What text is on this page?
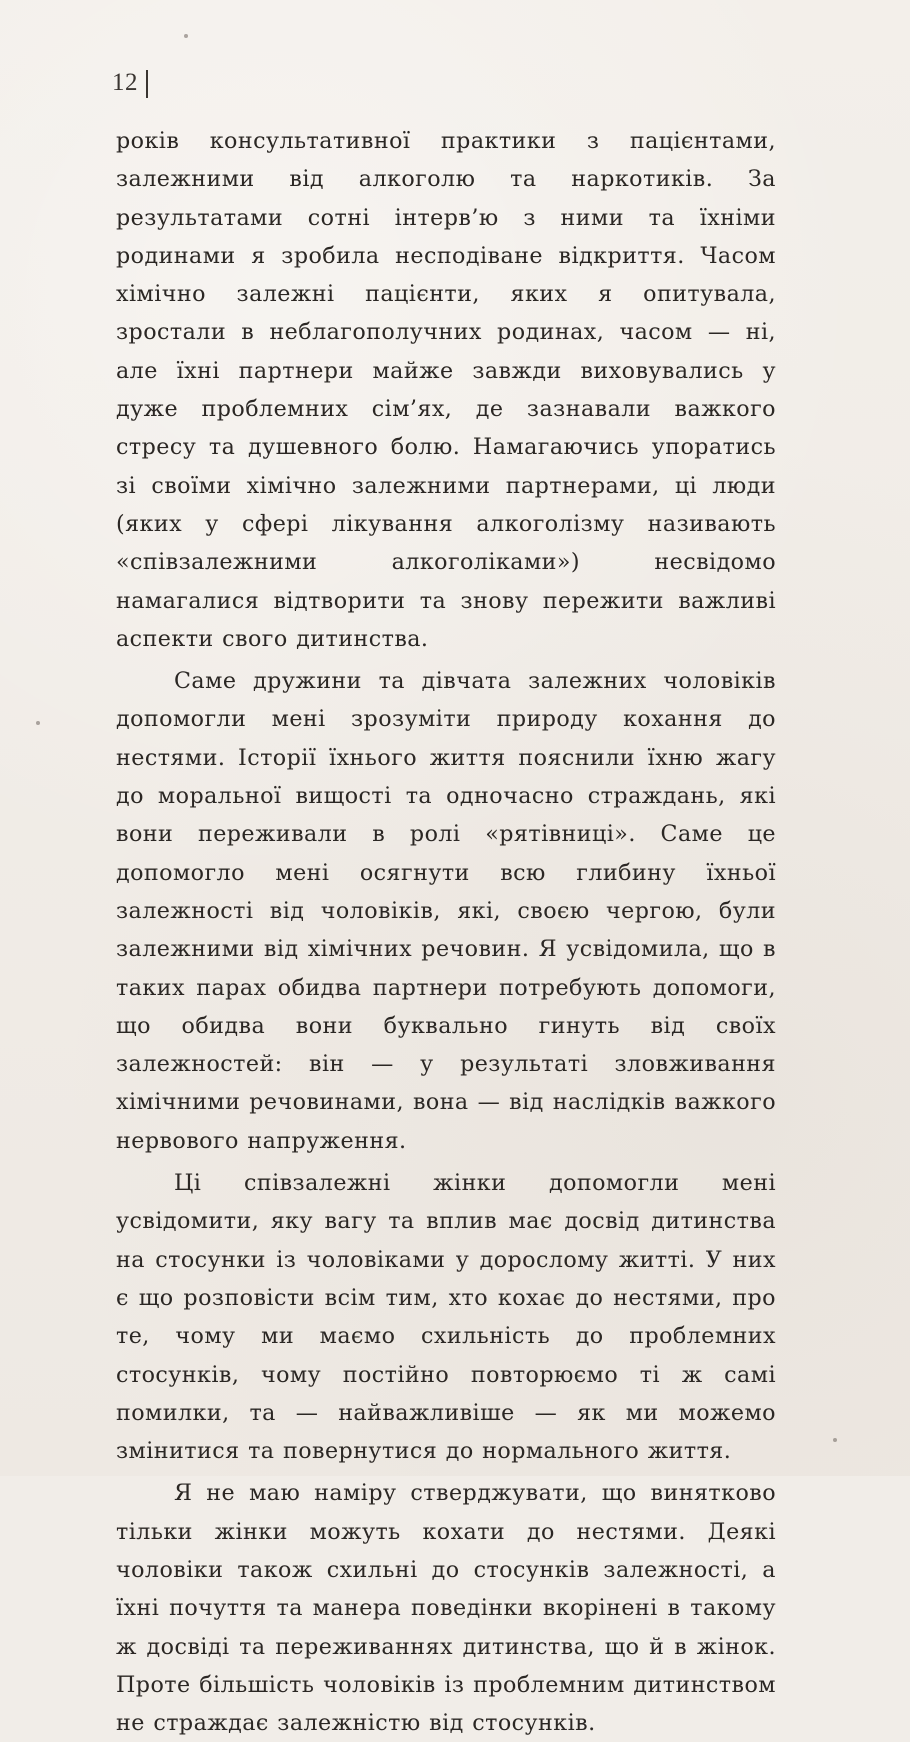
12

років консультативної практики з пацієнтами, залежними від алкоголю та наркотиків. За результатами сотні інтерв’ю з ними та їхніми родинами я зробила несподіване відкриття. Часом хімічно залежні пацієнти, яких я опитувала, зростали в неблагополучних родинах, часом — ні, але їхні партнери майже завжди виховувались у дуже проблемних сім’ях, де зазнавали важкого стресу та душевного болю. Намагаючись упоратись зі своїми хімічно залежними партнерами, ці люди (яких у сфері лікування алкоголізму називають «співзалежними алкоголіками») несвідомо намагалися відтворити та знову пережити важливі аспекти свого дитинства.

Саме дружини та дівчата залежних чоловіків допомогли мені зрозуміти природу кохання до нестями. Історії їхнього життя пояснили їхню жагу до моральної вищості та одночасно страждань, які вони переживали в ролі «рятівниці». Саме це допомогло мені осягнути всю глибину їхньої залежності від чоловіків, які, своєю чергою, були залежними від хімічних речовин. Я усвідомила, що в таких парах обидва партнери потребують допомоги, що обидва вони буквально гинуть від своїх залежностей: він — у результаті зловживання хімічними речовинами, вона — від наслідків важкого нервового напруження.

Ці співзалежні жінки допомогли мені усвідомити, яку вагу та вплив має досвід дитинства на стосунки із чоловіками у дорослому житті. У них є що розповісти всім тим, хто кохає до нестями, про те, чому ми маємо схильність до проблемних стосунків, чому постійно повторюємо ті ж самі помилки, та — найважливіше — як ми можемо змінитися та повернутися до нормального життя.

Я не маю наміру стверджувати, що винятково тільки жінки можуть кохати до нестями. Деякі чоловіки також схильні до стосунків залежності, а їхні почуття та манера поведінки вкорінені в такому ж досвіді та переживаннях дитинства, що й в жінок. Проте більшість чоловіків із проблемним дитинством не страждає залежністю від стосунків.
